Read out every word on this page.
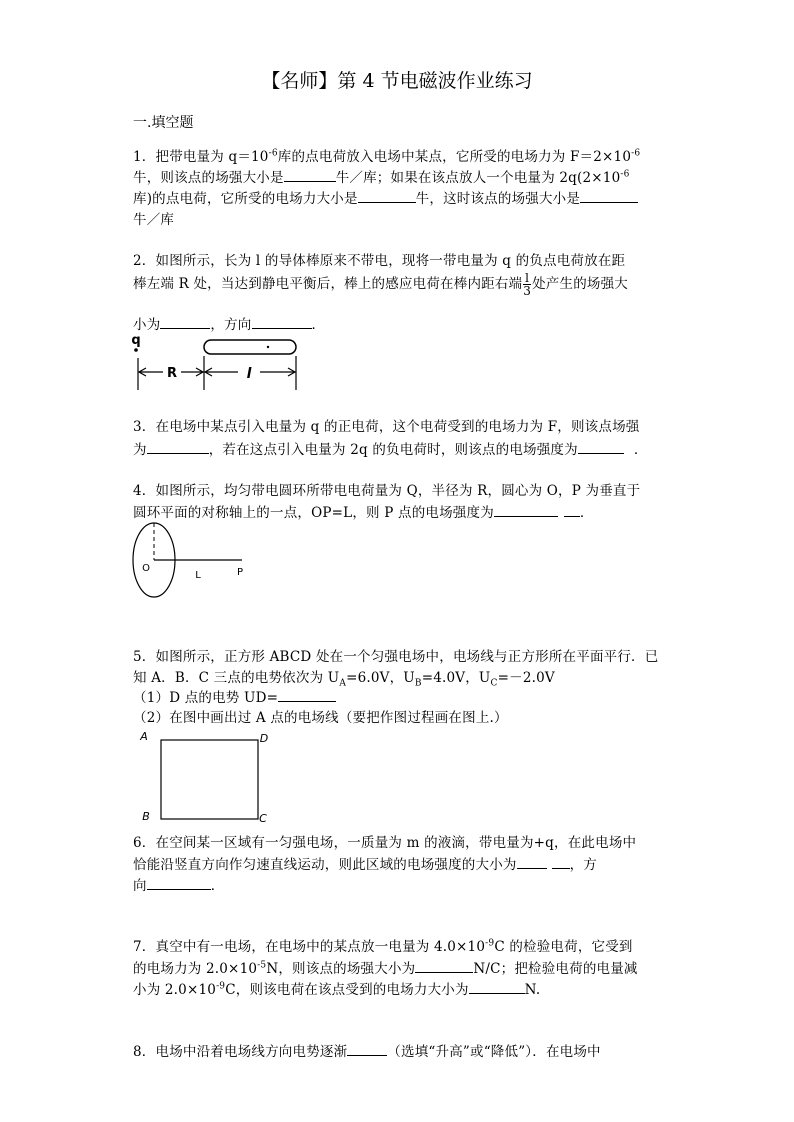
【名师】第 4 节电磁波作业练习
一.填空题
1．把带电量为 $q=10^{-6}$库的点电荷放入电场中某点，它所受的电场力为 $F=2\times 10^{-6}$
牛，则该点的场强大小是	牛／库；如果在该点放人一个电量为 $2q(2\times 10^{-6}$
库)的点电荷，它所受的电场力大小是	牛，这时该点的场强大小是
牛／库
2．如图所示，长为 l 的导体棒原来不带电，现将一带电量为 q 的负点电荷放在距
棒左端 R 处，当达到静电平衡后，棒上的感应电荷在棒内距右端 $\frac{l}{3}$ 处产生的场强大
小为	，方向	．
q
R	l
3．在电场中某点引入电量为 q 的正电荷，这个电荷受到的电场力为 F，则该点场强
为	，若在这点引入电量为 2q 的负电荷时，则该点的电场强度为	．
4．如图所示，均匀带电圆环所带电电荷量为 Q，半径为 R，圆心为 O，P 为垂直于
圆环平面的对称轴上的一点，OP=L，则 P 点的电场强度为	．
O
L	P
5．如图所示，正方形 ABCD 处在一个匀强电场中，电场线与正方形所在平面平行．已
知 A．B．C 三点的电势依次为 $U_A=6.0V$，$U_B=4.0V$，$U_C=-2.0V$
（1）D 点的电势 UD=
（2）在图中画出过 A 点的电场线（要把作图过程画在图上.）
A	D
B	C
6．在空间某一区域有一匀强电场，一质量为 m 的液滴，带电量为+q，在此电场中
恰能沿竖直方向作匀速直线运动，则此区域的电场强度的大小为	，方
向	．
7．真空中有一电场，在电场中的某点放一电量为 $4.0\times 10^{-9}C$ 的检验电荷，它受到
的电场力为 $2.0\times 10^{-5}N$，则该点的场强大小为	N/C；把检验电荷的电量减
小为 $2.0\times 10^{-9}C$，则该电荷在该点受到的电场力大小为	N.
8．电场中沿着电场线方向电势逐渐	（选填“升高”或“降低”）．在电场中
